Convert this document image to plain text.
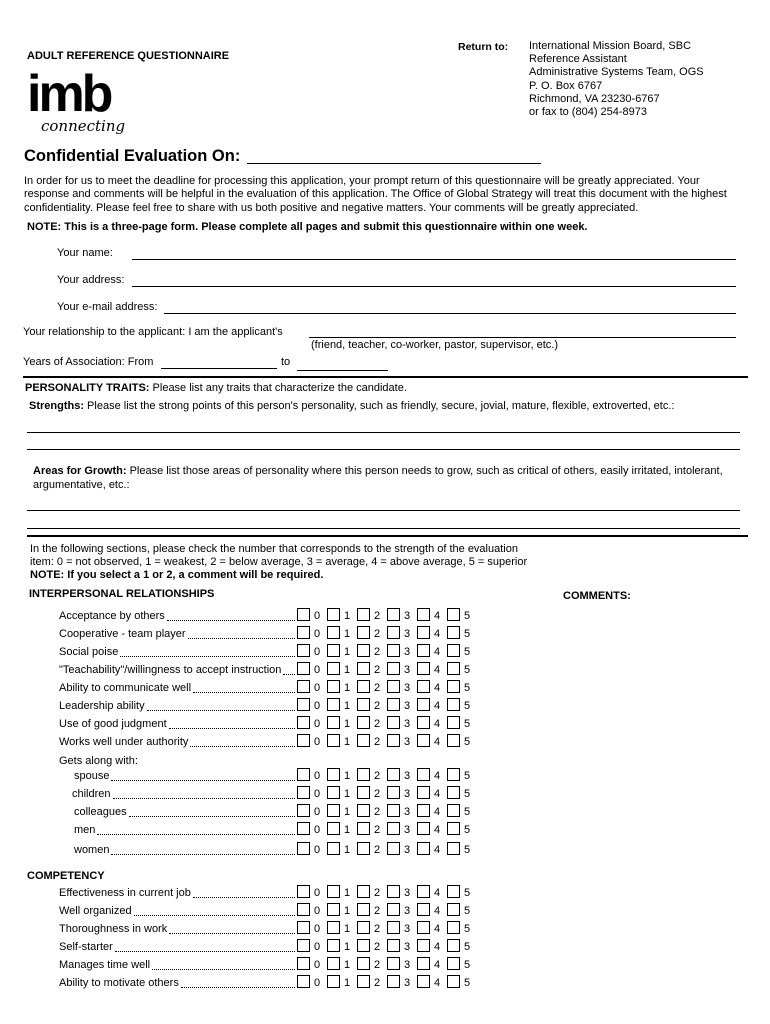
ADULT REFERENCE QUESTIONNAIRE
Return to: International Mission Board, SBC
Reference Assistant
Administrative Systems Team, OGS
P. O. Box 6767
Richmond, VA 23230-6767
or fax to (804) 254-8973
imb
connecting
Confidential Evaluation On:
In order for us to meet the deadline for processing this application, your prompt return of this questionnaire will be greatly appreciated. Your response and comments will be helpful in the evaluation of this application. The Office of Global Strategy will treat this document with the highest confidentiality. Please feel free to share with us both positive and negative matters. Your comments will be greatly appreciated.
NOTE: This is a three-page form. Please complete all pages and submit this questionnaire within one week.
Your name:
Your address:
Your e-mail address:
Your relationship to the applicant: I am the applicant's
(friend, teacher, co-worker, pastor, supervisor, etc.)
Years of Association: From	to
PERSONALITY TRAITS: Please list any traits that characterize the candidate.
Strengths: Please list the strong points of this person's personality, such as friendly, secure, jovial, mature, flexible, extroverted, etc.:
Areas for Growth: Please list those areas of personality where this person needs to grow, such as critical of others, easily irritated, intolerant, argumentative, etc.:
In the following sections, please check the number that corresponds to the strength of the evaluation
item: 0 = not observed, 1 = weakest, 2 = below average, 3 = average, 4 = above average, 5 = superior
NOTE: If you select a 1 or 2, a comment will be required.
INTERPERSONAL RELATIONSHIPS	COMMENTS:
Gets along with:
COMPETENCY
Acceptance by others	0 1 2 3 4 5
Cooperative - team player	0 1 2 3 4 5
Social poise	0 1 2 3 4 5
"Teachability"/willingness to accept instruction	0 1 2 3 4 5
Ability to communicate well	0 1 2 3 4 5
Leadership ability	0 1 2 3 4 5
Use of good judgment	0 1 2 3 4 5
Works well under authority	0 1 2 3 4 5
spouse	0 1 2 3 4 5
children	0 1 2 3 4 5
colleagues	0 1 2 3 4 5
men	0 1 2 3 4 5
women	0 1 2 3 4 5
Effectiveness in current job	0 1 2 3 4 5
Well organized	0 1 2 3 4 5
Thoroughness in work	0 1 2 3 4 5
Self-starter	0 1 2 3 4 5
Manages time well	0 1 2 3 4 5
Ability to motivate others	0 1 2 3 4 5
